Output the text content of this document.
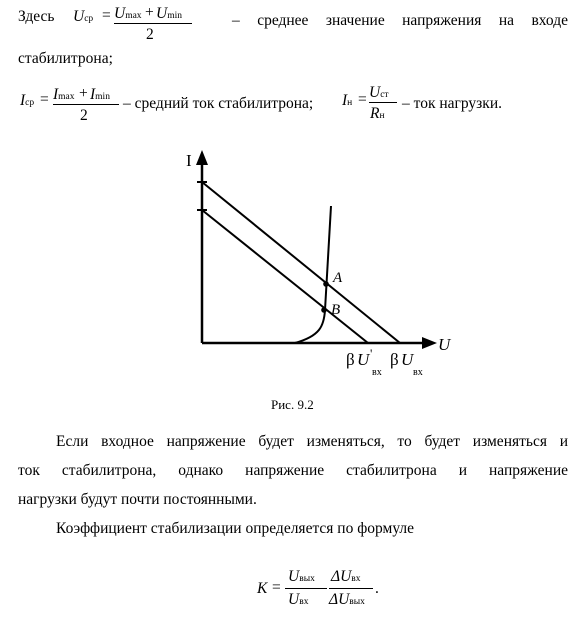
Здесь Uср = Umax + Umin
2
– среднее значение напряжения на входе
стабилитрона;
Iср = Imax + Imin
2
– средний ток стабилитрона; Iн = Uст
Rн
– ток нагрузки.
I
U
A
B
β U '
вх
β U
вх
Рис. 9.2
Если входное напряжение будет изменяться, то будет изменяться и
ток стабилитрона, однако напряжение стабилитрона и напряжение
нагрузки будут почти постоянными.
Коэффициент стабилизации определяется по формуле
K =
Uвых
Uвх
ΔUвх
ΔUвых
.
